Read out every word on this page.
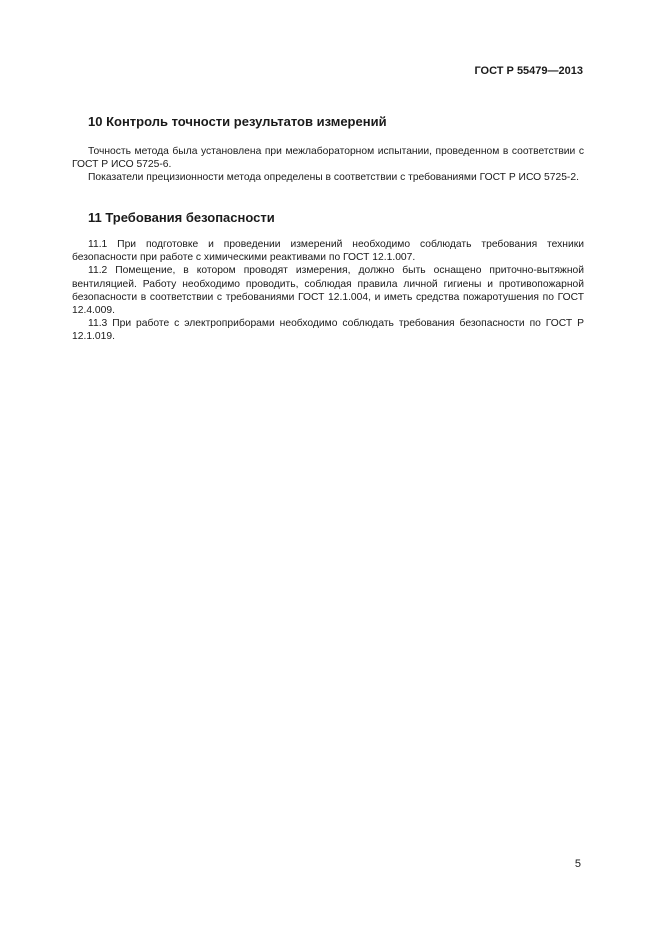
ГОСТ Р 55479—2013
10 Контроль точности результатов измерений

Точность метода была установлена при межлабораторном испытании, проведенном в соответствии с ГОСТ Р ИСО 5725-6.

Показатели прецизионности метода определены в соответствии с требованиями ГОСТ Р ИСО 5725-2.

11 Требования безопасности

11.1 При подготовке и проведении измерений необходимо соблюдать требования техники безопасности при работе с химическими реактивами по ГОСТ 12.1.007.

11.2 Помещение, в котором проводят измерения, должно быть оснащено приточно-вытяжной вентиляцией. Работу необходимо проводить, соблюдая правила личной гигиены и противопожарной безопасности в соответствии с требованиями ГОСТ 12.1.004, и иметь средства пожаротушения по ГОСТ 12.4.009.

11.3 При работе с электроприборами необходимо соблюдать требования безопасности по ГОСТ Р 12.1.019.

5
